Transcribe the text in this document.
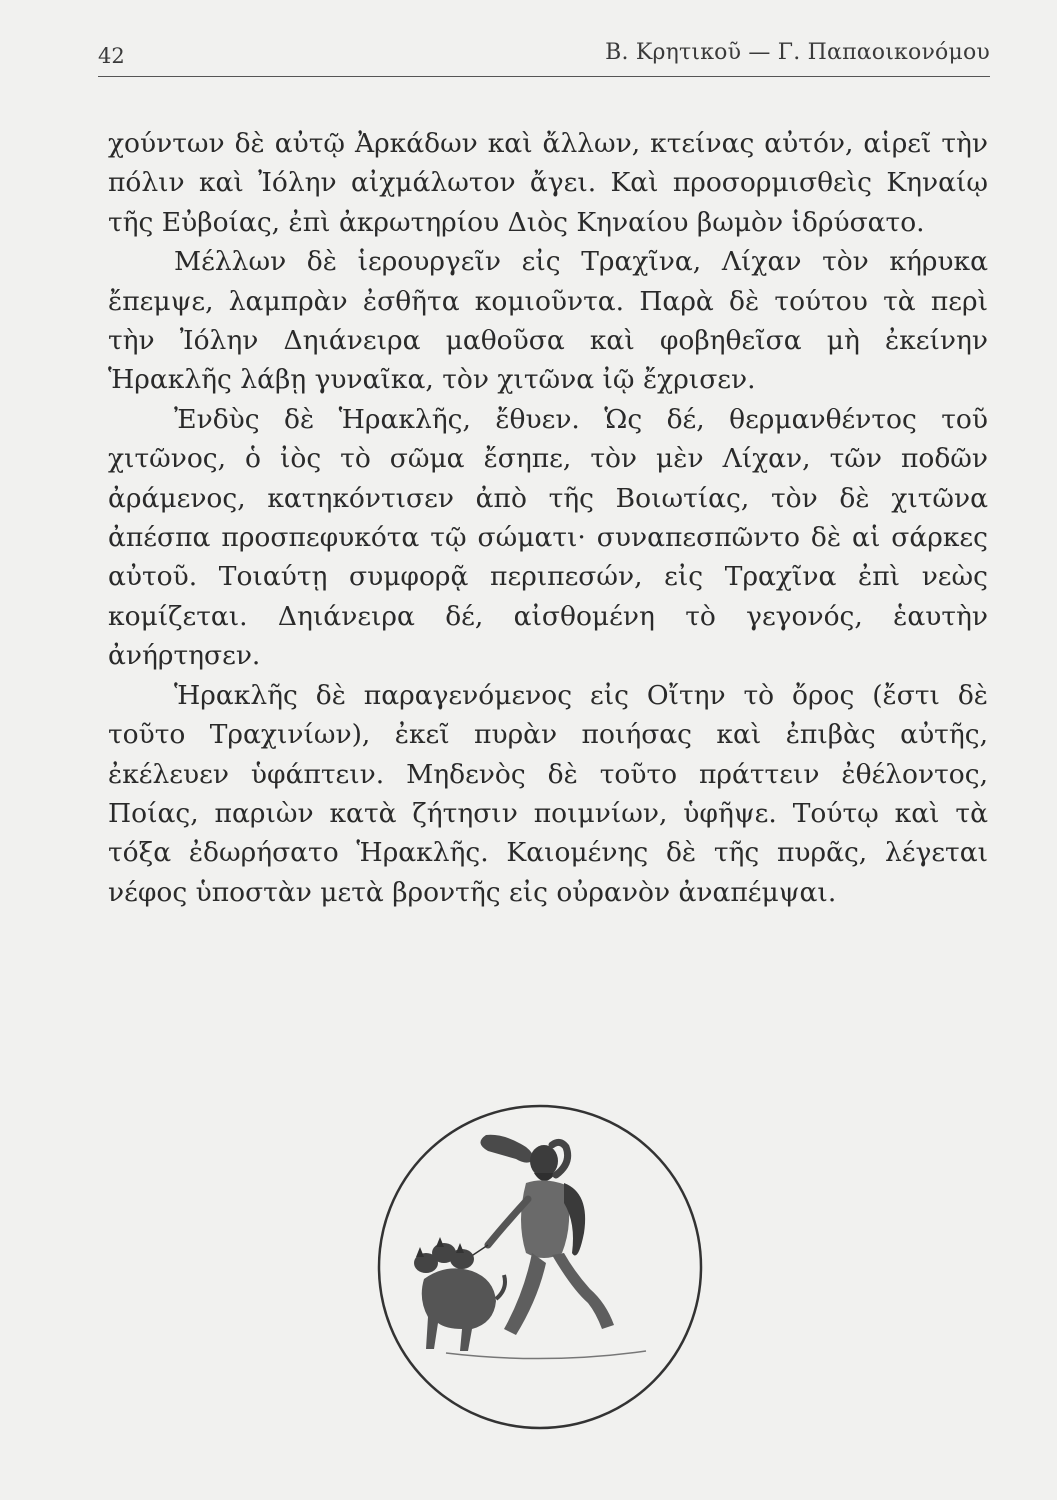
42	Β. Κρητικοῦ — Γ. Παπαοικονόμου

χούντων δὲ αὐτῷ Ἀρκάδων καὶ ἄλλων, κτείνας αὐτόν, αἱρεῖ τὴν πόλιν καὶ Ἰόλην αἰχμάλωτον ἄγει. Καὶ προσορμισθεὶς Κηναίῳ τῆς Εὐβοίας, ἐπὶ ἀκρωτηρίου Διὸς Κηναίου βωμὸν ἱδρύσατο.

Μέλλων δὲ ἱερουργεῖν εἰς Τραχῖνα, Λίχαν τὸν κήρυκα ἔπεμψε, λαμπρὰν ἐσθῆτα κομιοῦντα. Παρὰ δὲ τούτου τὰ περὶ τὴν Ἰόλην Δηιάνειρα μαθοῦσα καὶ φοβηθεῖσα μὴ ἐκείνην Ἡρακλῆς λάβῃ γυναῖκα, τὸν χιτῶνα ἰῷ ἔχρισεν.

Ἐνδὺς δὲ Ἡρακλῆς, ἔθυεν. Ὡς δέ, θερμανθέντος τοῦ χιτῶνος, ὁ ἰὸς τὸ σῶμα ἔσηπε, τὸν μὲν Λίχαν, τῶν ποδῶν ἀράμενος, κατηκόντισεν ἀπὸ τῆς Βοιωτίας, τὸν δὲ χιτῶνα ἀπέσπα προσπεφυκότα τῷ σώματι· συναπεσπῶντο δὲ αἱ σάρκες αὐτοῦ. Τοιαύτῃ συμφορᾷ περιπεσών, εἰς Τραχῖνα ἐπὶ νεὼς κομίζεται. Δηιάνειρα δέ, αἰσθομένη τὸ γεγονός, ἑαυτὴν ἀνήρτησεν.

Ἡρακλῆς δὲ παραγενόμενος εἰς Οἴτην τὸ ὄρος (ἔστι δὲ τοῦτο Τραχινίων), ἐκεῖ πυρὰν ποιήσας καὶ ἐπιβὰς αὐτῆς, ἐκέλευεν ὑφάπτειν. Μηδενὸς δὲ τοῦτο πράττειν ἐθέλοντος, Ποίας, παριὼν κατὰ ζήτησιν ποιμνίων, ὑφῆψε. Τούτῳ καὶ τὰ τόξα ἐδωρήσατο Ἡρακλῆς. Καιομένης δὲ τῆς πυρᾶς, λέγεται νέφος ὑποστὰν μετὰ βροντῆς εἰς οὐρανὸν ἀναπέμψαι.
